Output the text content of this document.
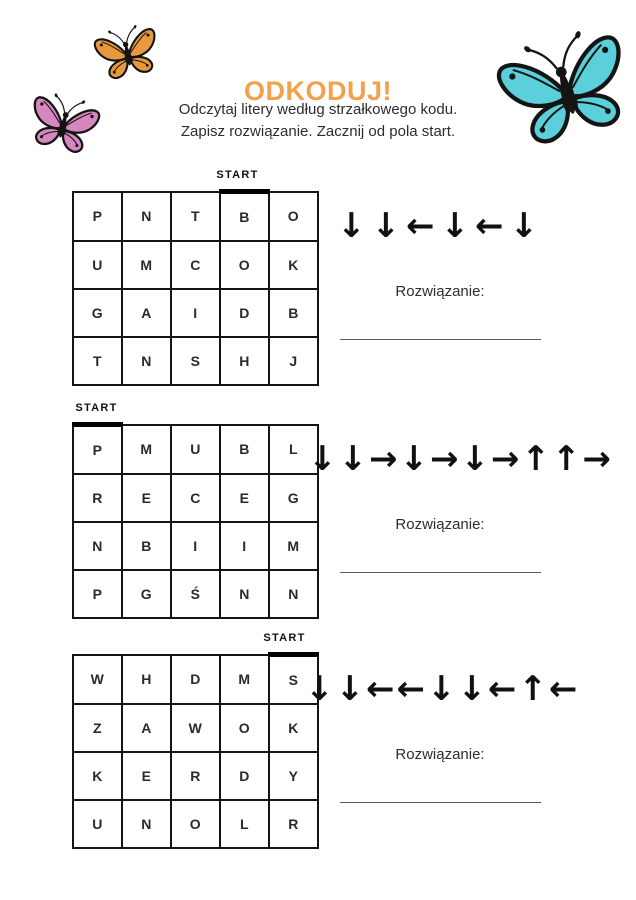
ODKODUJ!
Odczytaj litery według strzałkowego kodu.
Zapisz rozwiązanie. Zacznij od pola start.
START
P	N	T	B	O
U	M	C	O	K
G	A	I	D	B
T	N	S	H	J
↓↓←↓←↓
Rozwiązanie:
START
P	M	U	B	L
R	E	C	E	G
N	B	I	I	M
P	G	Ś	N	N
↓↓→↓→↓→↑↑→
Rozwiązanie:
START
W	H	D	M	S
Z	A	W	O	K
K	E	R	D	Y
U	N	O	L	R
↓↓←←↓↓←↑←
Rozwiązanie:
